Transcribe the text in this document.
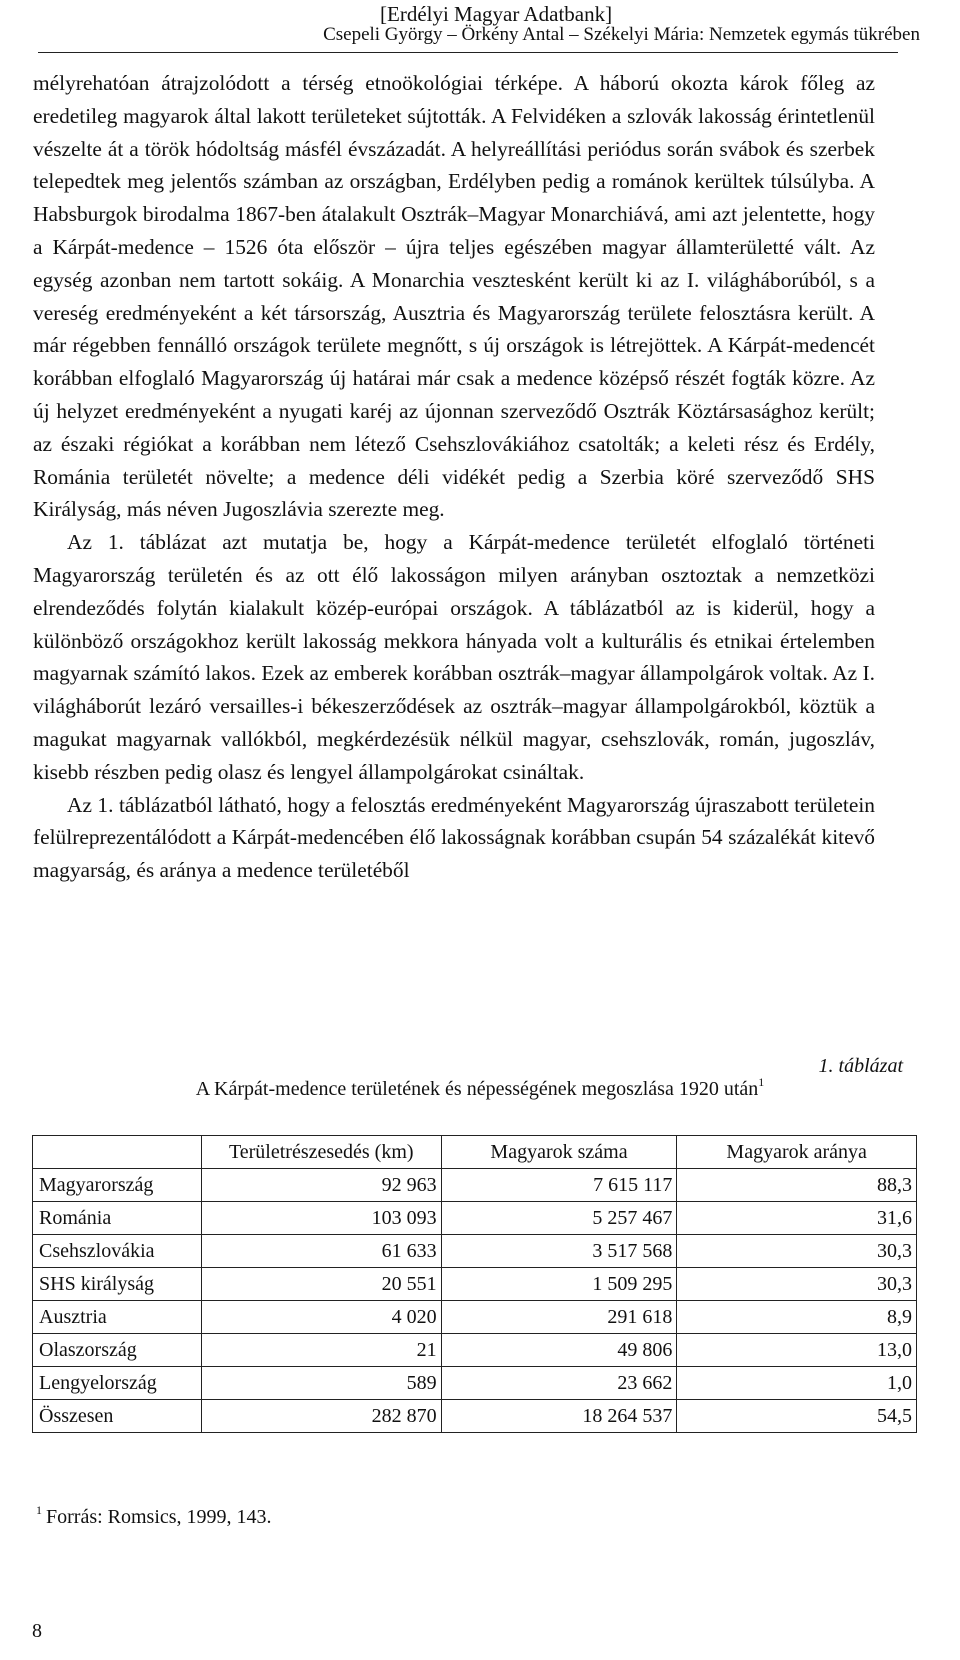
[Erdélyi Magyar Adatbank]
Csepeli György – Örkény Antal – Székelyi Mária: Nemzetek egymás tükrében

mélyrehatóan átrajzolódott a térség etnoökológiai térképe. A háború okozta károk főleg az eredetileg magyarok által lakott területeket sújtották. A Felvidéken a szlovák lakosság érintetlenül vészelte át a török hódoltság másfél évszázadát. A helyreállítási periódus során svábok és szerbek telepedtek meg jelentős számban az országban, Erdélyben pedig a románok kerültek túlsúlyba. A Habsburgok birodalma 1867-ben átalakult Osztrák–Magyar Monarchiává, ami azt jelentette, hogy a Kárpát-medence – 1526 óta először – újra teljes egészében magyar államterületté vált. Az egység azonban nem tartott sokáig. A Monarchia vesztesként került ki az I. világháborúból, s a vereség eredményeként a két társország, Ausztria és Magyarország területe felosztásra került. A már régebben fennálló országok területe megnőtt, s új országok is létrejöttek. A Kárpát-medencét korábban elfoglaló Magyarország új határai már csak a medence középső részét fogták közre. Az új helyzet eredményeként a nyugati karéj az újonnan szerveződő Osztrák Köztársasághoz került; az északi régiókat a korábban nem létező Csehszlovákiához csatolták; a keleti rész és Erdély, Románia területét növelte; a medence déli vidékét pedig a Szerbia köré szerveződő SHS Királyság, más néven Jugoszlávia szerezte meg.

Az 1. táblázat azt mutatja be, hogy a Kárpát-medence területét elfoglaló történeti Magyarország területén és az ott élő lakosságon milyen arányban osztoztak a nemzetközi elrendeződés folytán kialakult közép-európai országok. A táblázatból az is kiderül, hogy a különböző országokhoz került lakosság mekkora hányada volt a kulturális és etnikai értelemben magyarnak számító lakos. Ezek az emberek korábban osztrák–magyar állampolgárok voltak. Az I. világháborút lezáró versailles-i békeszerződések az osztrák–magyar állampolgárokból, köztük a magukat magyarnak vallókból, megkérdezésük nélkül magyar, csehszlovák, román, jugoszláv, kisebb részben pedig olasz és lengyel állampolgárokat csináltak.

Az 1. táblázatból látható, hogy a felosztás eredményeként Magyarország újraszabott területein felülreprezentálódott a Kárpát-medencében élő lakosságnak korábban csupán 54 százalékát kitevő magyarság, és aránya a medence területéből

1. táblázat
A Kárpát-medence területének és népességének megoszlása 1920 után$^1$
	Területrészesedés (km)	Magyarok száma	Magyarok aránya
Magyarország	92 963	7 615 117	88,3
Románia	103 093	5 257 467	31,6
Csehszlovákia	61 633	3 517 568	30,3
SHS királyság	20 551	1 509 295	30,3
Ausztria	4 020	291 618	8,9
Olaszország	21	49 806	13,0
Lengyelország	589	23 662	1,0
Összesen	282 870	18 264 537	54,5
$^1$ Forrás: Romsics, 1999, 143.
8
